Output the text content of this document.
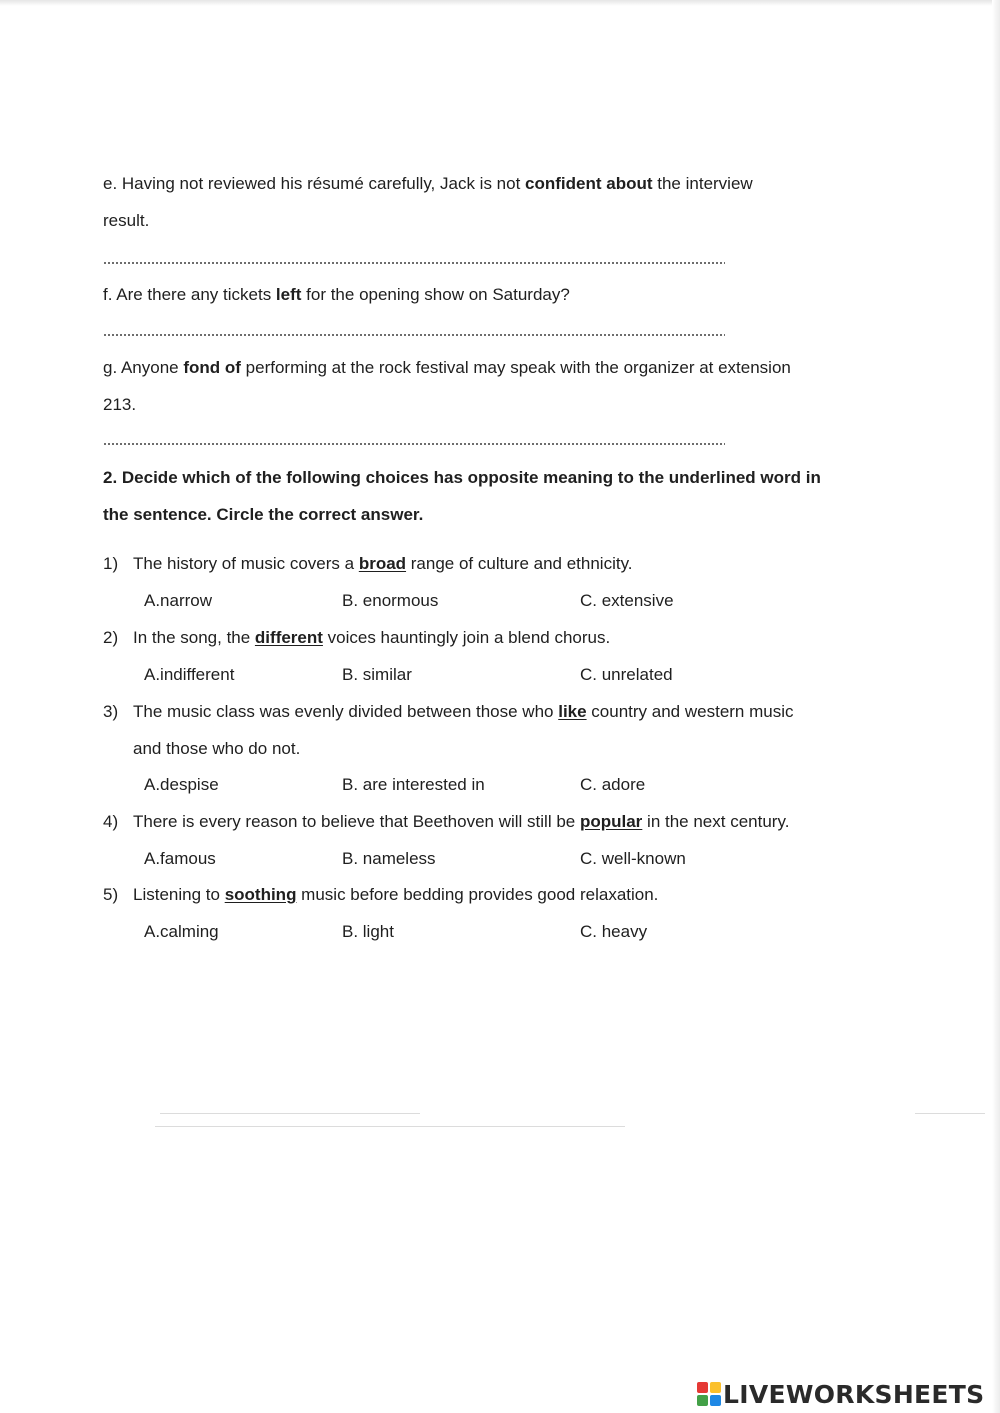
e. Having not reviewed his résumé carefully, Jack is not confident about the interview
result.
f. Are there any tickets left for the opening show on Saturday?
g. Anyone fond of performing at the rock festival may speak with the organizer at extension
213.
2. Decide which of the following choices has opposite meaning to the underlined word in
the sentence. Circle the correct answer.
1) The history of music covers a broad range of culture and ethnicity.
A.narrow	B. enormous	C. extensive
2) In the song, the different voices hauntingly join a blend chorus.
A.indifferent	B. similar	C. unrelated
3) The music class was evenly divided between those who like country and western music
and those who do not.
A.despise	B. are interested in	C. adore
4) There is every reason to believe that Beethoven will still be popular in the next century.
A.famous	B. nameless	C. well-known
5) Listening to soothing music before bedding provides good relaxation.
A.calming	B. light	C. heavy
LIVEWORKSHEETS
